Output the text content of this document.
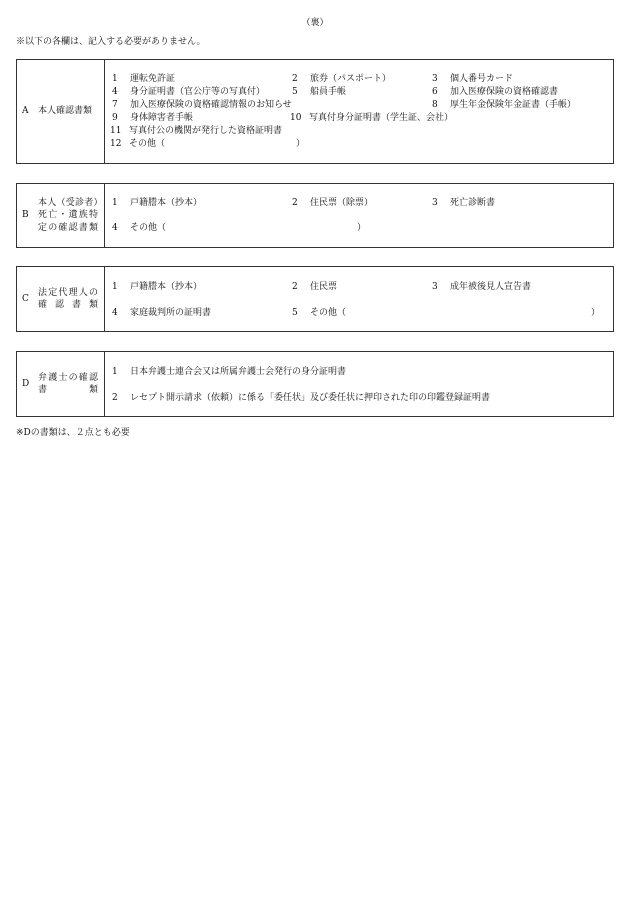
（裏）
※以下の各欄は、記入する必要がありません。
A	本人確認書類
1 運転免許証	2 旅券（パスポート）	3 個人番号カード
4 身分証明書（官公庁等の写真付）	5 船員手帳	6 加入医療保険の資格確認書
7 加入医療保険の資格確認情報のお知らせ	8 厚生年金保険年金証書（手帳）
9 身体障害者手帳	10 写真付身分証明書（学生証、会社）
11 写真付公の機関が発行した資格証明書
12 その他（	）
B
本人（受診者）死亡・遺族特定の確認書類
1 戸籍謄本（抄本）	2 住民票（除票）	3 死亡診断書
4 その他（	）
C
法定代理人の確認書類
1 戸籍謄本（抄本）	2 住民票	3 成年被後見人宣告書
4 家庭裁判所の証明書	5 その他（	）
D
弁護士の確認書類
1 日本弁護士連合会又は所属弁護士会発行の身分証明書
2 レセプト開示請求（依頼）に係る「委任状」及び委任状に押印された印の印鑑登録証明書
※Dの書類は、２点とも必要
